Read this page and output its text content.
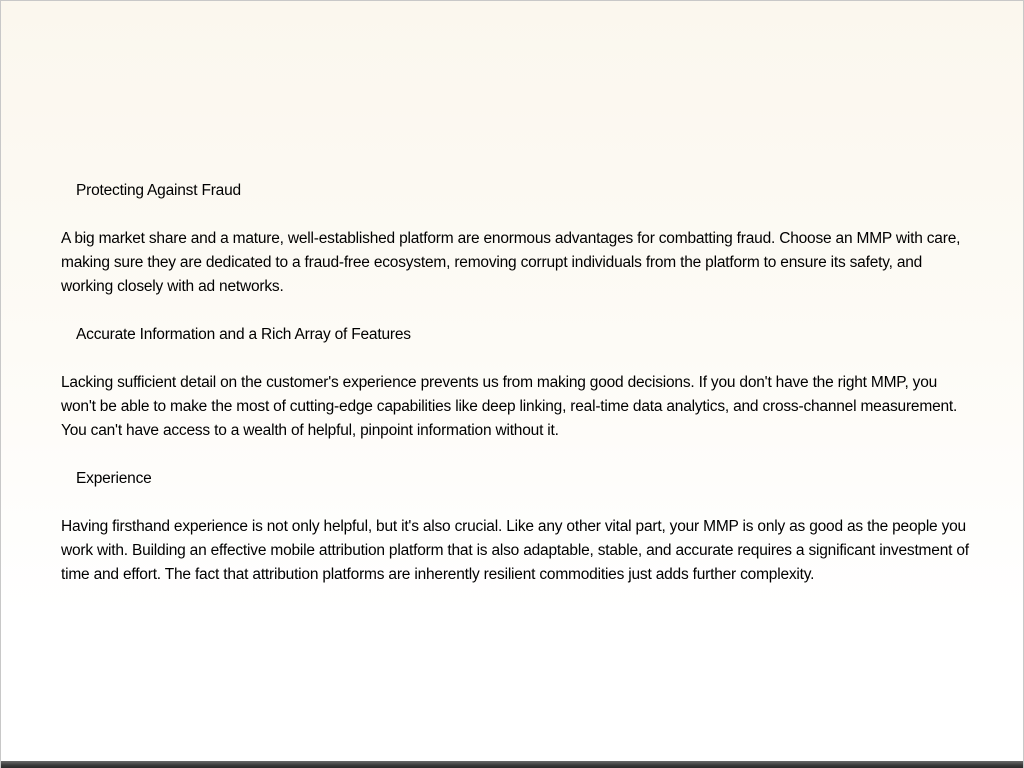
Protecting Against Fraud

A big market share and a mature, well-established platform are enormous advantages for combatting fraud. Choose an MMP with care, making sure they are dedicated to a fraud-free ecosystem, removing corrupt individuals from the platform to ensure its safety, and working closely with ad networks.

Accurate Information and a Rich Array of Features

Lacking sufficient detail on the customer's experience prevents us from making good decisions. If you don't have the right MMP, you won't be able to make the most of cutting-edge capabilities like deep linking, real-time data analytics, and cross-channel measurement. You can't have access to a wealth of helpful, pinpoint information without it.

Experience

Having firsthand experience is not only helpful, but it's also crucial. Like any other vital part, your MMP is only as good as the people you work with. Building an effective mobile attribution platform that is also adaptable, stable, and accurate requires a significant investment of time and effort. The fact that attribution platforms are inherently resilient commodities just adds further complexity.
